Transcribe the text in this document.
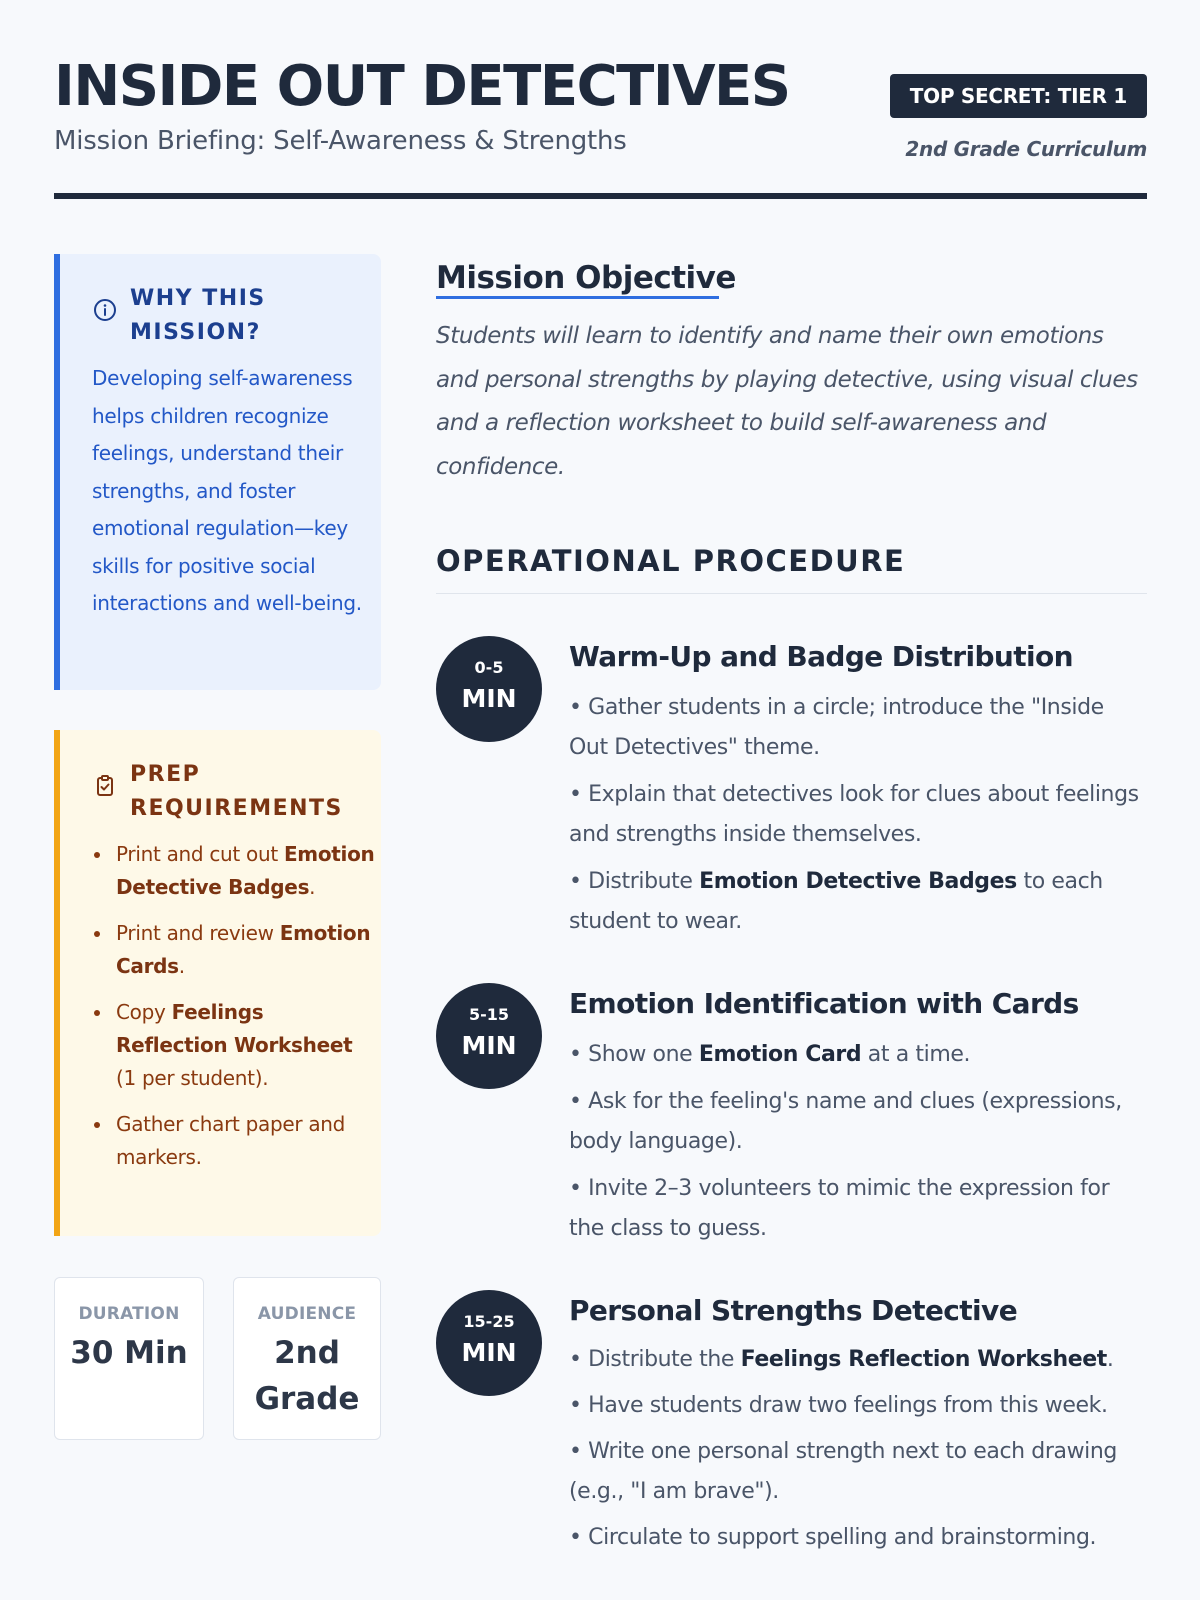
INSIDE OUT DETECTIVES
Mission Briefing: Self-Awareness & Strengths
TOP SECRET: TIER 1
2nd Grade Curriculum
WHY THIS MISSION?
Developing self-awareness helps children recognize feelings, understand their strengths, and foster emotional regulation—key skills for positive social interactions and well-being.
PREP REQUIREMENTS
Print and cut out Emotion Detective Badges.
Print and review Emotion Cards.
Copy Feelings Reflection Worksheet (1 per student).
Gather chart paper and markers.
DURATION
30 Min
AUDIENCE
2nd Grade
Mission Objective

Students will learn to identify and name their own emotions and personal strengths by playing detective, using visual clues and a reflection worksheet to build self-awareness and confidence.

OPERATIONAL PROCEDURE
0-5
MIN
Warm-Up and Badge Distribution
• Gather students in a circle; introduce the "Inside Out Detectives" theme.
• Explain that detectives look for clues about feelings and strengths inside themselves.
• Distribute Emotion Detective Badges to each student to wear.
5-15
MIN
Emotion Identification with Cards
• Show one Emotion Card at a time.
• Ask for the feeling's name and clues (expressions, body language).
• Invite 2–3 volunteers to mimic the expression for the class to guess.
15-25
MIN
Personal Strengths Detective
• Distribute the Feelings Reflection Worksheet.
• Have students draw two feelings from this week.
• Write one personal strength next to each drawing (e.g., "I am brave").
• Circulate to support spelling and brainstorming.
